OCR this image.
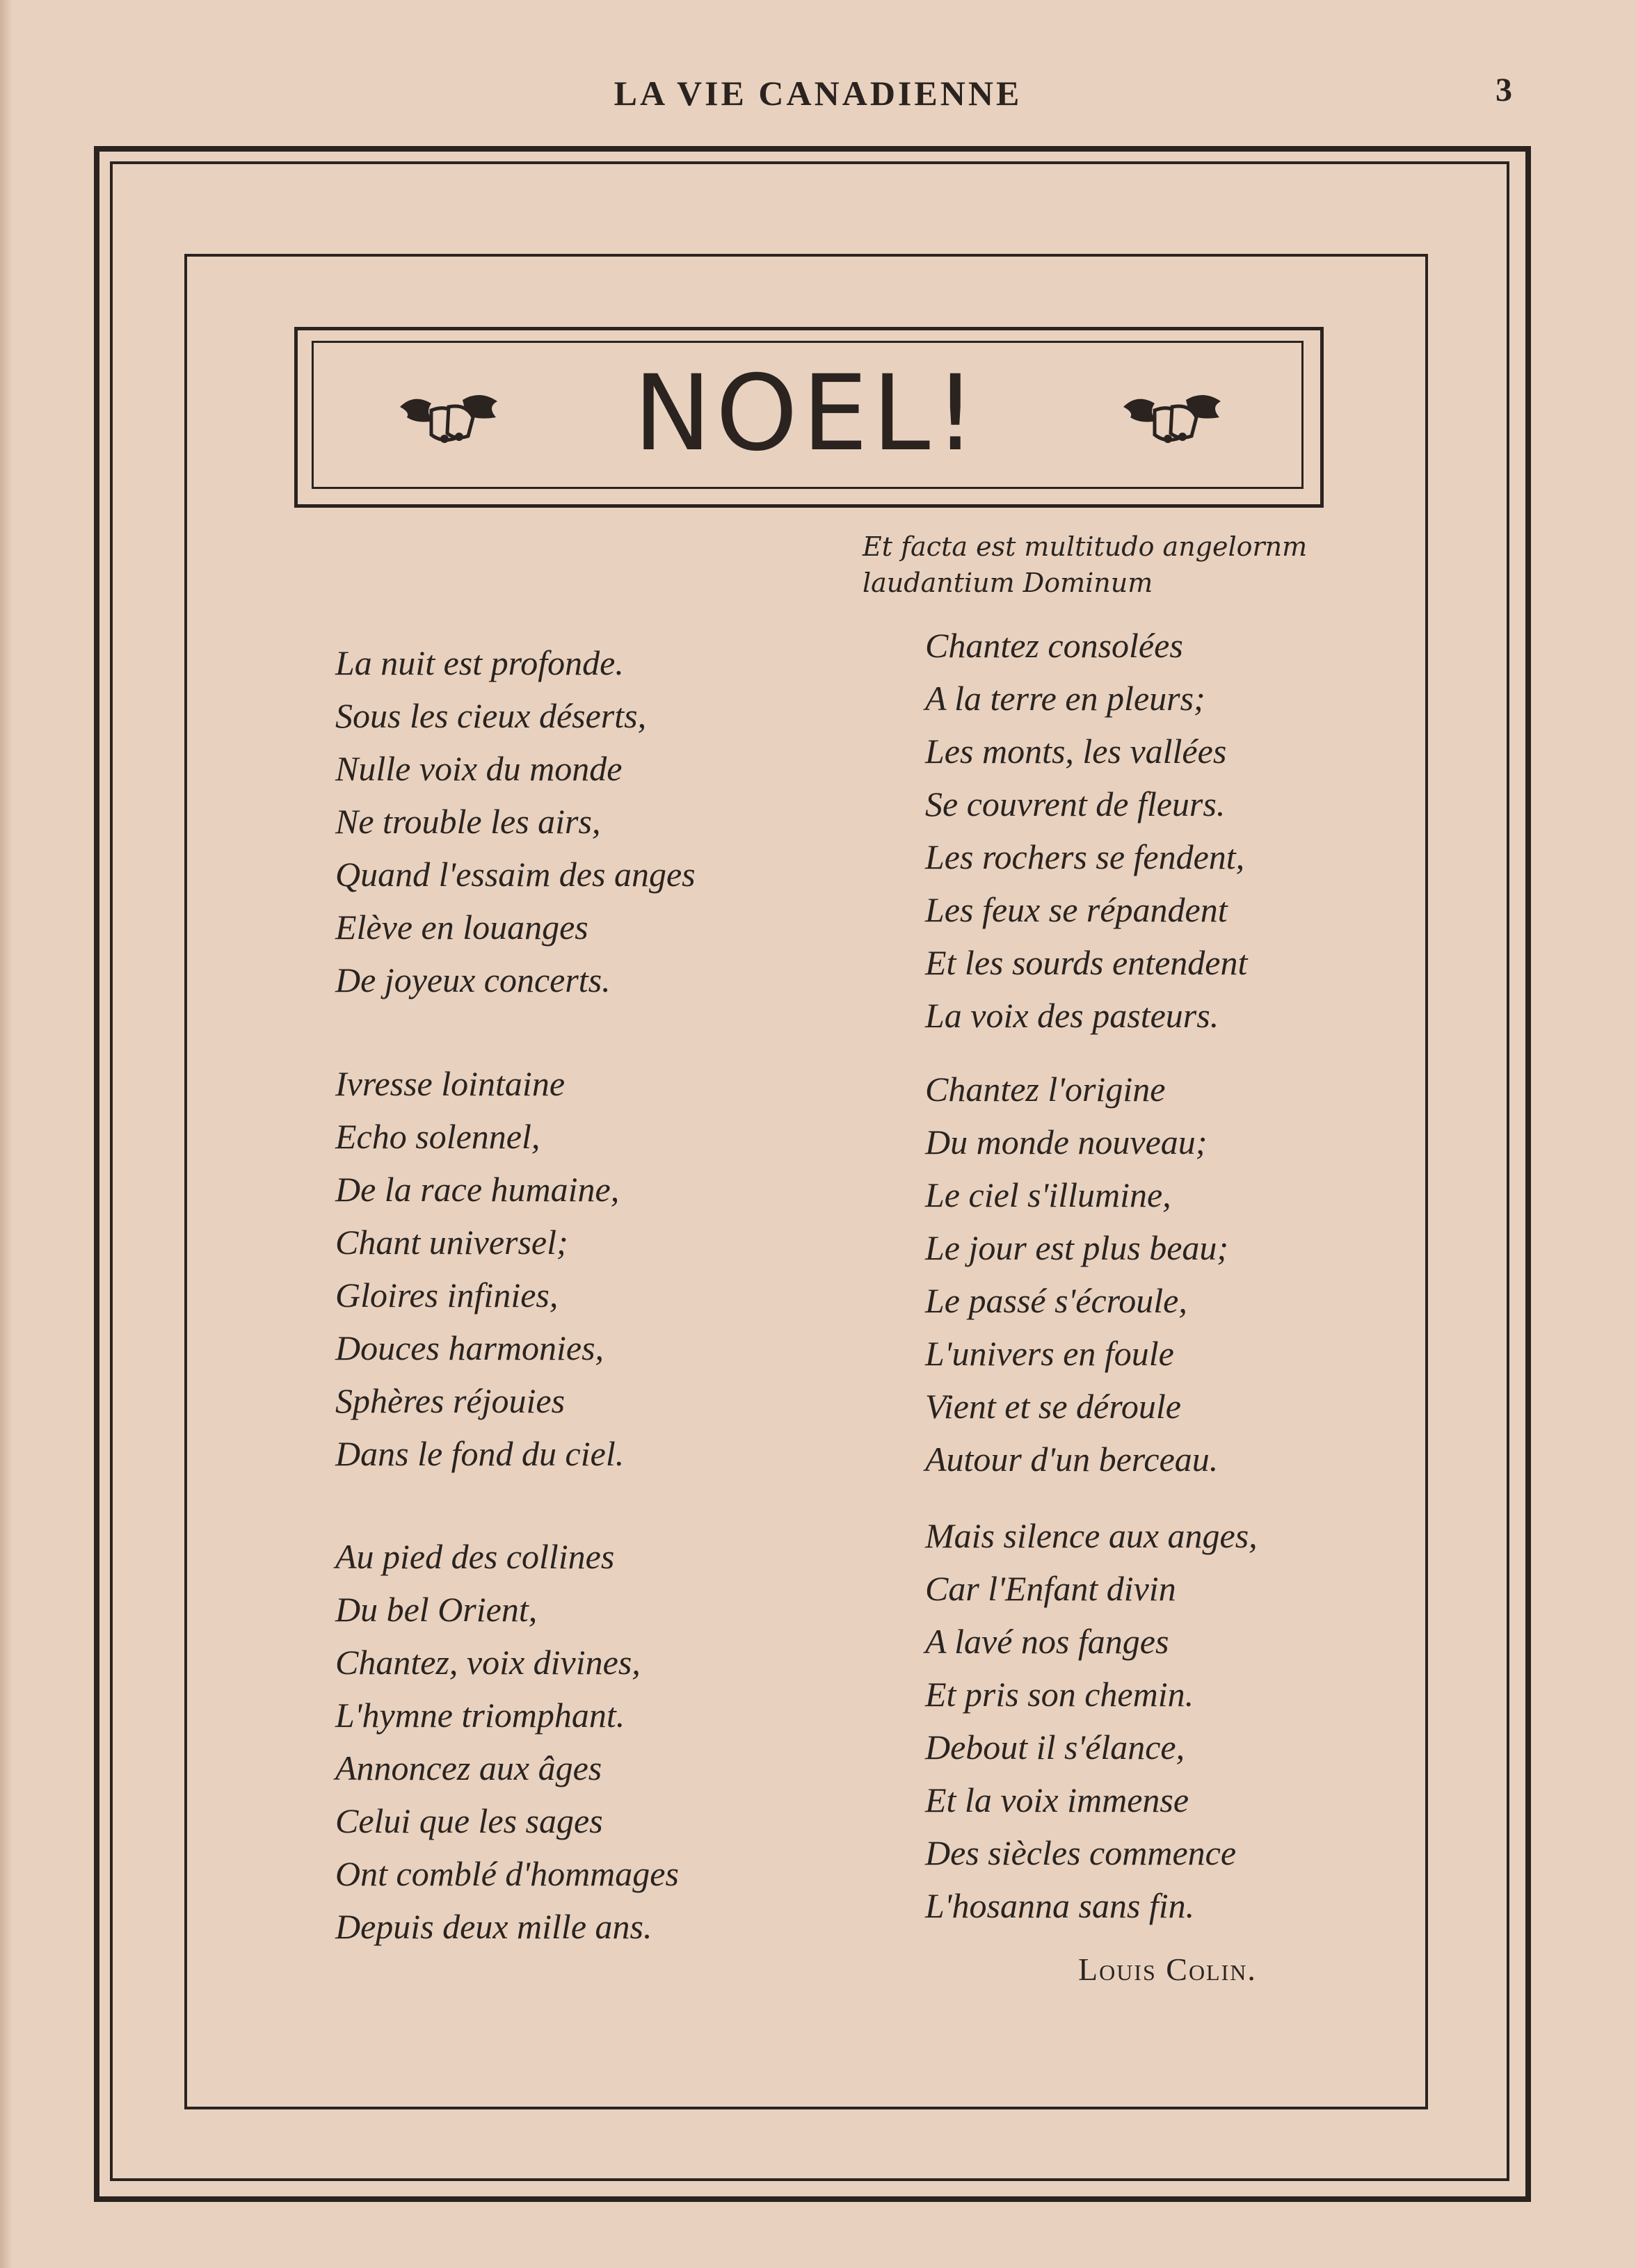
LA VIE CANADIENNE	3
NOEL!
Et facta est multitudo angelornm
laudantium Dominum
La nuit est profonde.
Sous les cieux déserts,
Nulle voix du monde
Ne trouble les airs,
Quand l'essaim des anges
Elève en louanges
De joyeux concerts.
Ivresse lointaine
Echo solennel,
De la race humaine,
Chant universel;
Gloires infinies,
Douces harmonies,
Sphères réjouies
Dans le fond du ciel.
Au pied des collines
Du bel Orient,
Chantez, voix divines,
L'hymne triomphant.
Annoncez aux âges
Celui que les sages
Ont comblé d'hommages
Depuis deux mille ans.
Chantez consolées
A la terre en pleurs;
Les monts, les vallées
Se couvrent de fleurs.
Les rochers se fendent,
Les feux se répandent
Et les sourds entendent
La voix des pasteurs.
Chantez l'origine
Du monde nouveau;
Le ciel s'illumine,
Le jour est plus beau;
Le passé s'écroule,
L'univers en foule
Vient et se déroule
Autour d'un berceau.
Mais silence aux anges,
Car l'Enfant divin
A lavé nos fanges
Et pris son chemin.
Debout il s'élance,
Et la voix immense
Des siècles commence
L'hosanna sans fin.
Louis Colin.
